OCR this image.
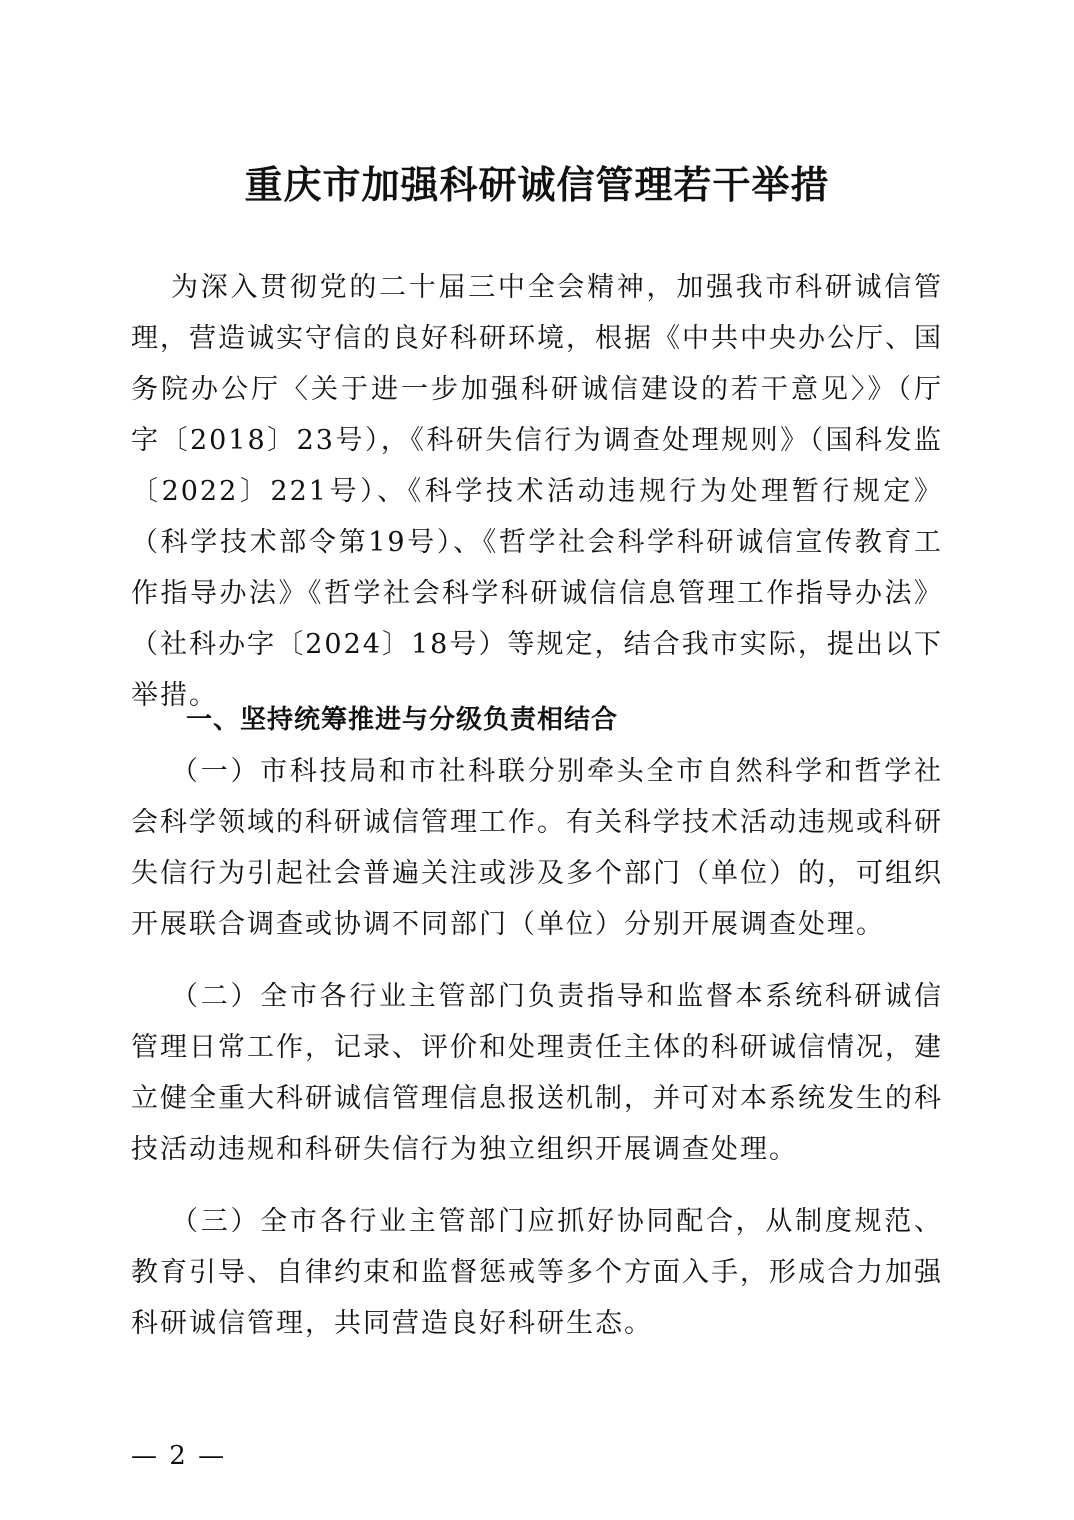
重庆市加强科研诚信管理若干举措

为深入贯彻党的二十届三中全会精神，加强我市科研诚信管理，营造诚实守信的良好科研环境，根据《中共中央办公厅、国务院办公厅〈关于进一步加强科研诚信建设的若干意见〉》（厅字〔2018〕23号），《科研失信行为调查处理规则》（国科发监〔2022〕221号）、《科学技术活动违规行为处理暂行规定》（科学技术部令第19号）、《哲学社会科学科研诚信宣传教育工作指导办法》《哲学社会科学科研诚信信息管理工作指导办法》（社科办字〔2024〕18号）等规定，结合我市实际，提出以下举措。

一、坚持统筹推进与分级负责相结合

（一）市科技局和市社科联分别牵头全市自然科学和哲学社会科学领域的科研诚信管理工作。有关科学技术活动违规或科研失信行为引起社会普遍关注或涉及多个部门（单位）的，可组织开展联合调查或协调不同部门（单位）分别开展调查处理。

（二）全市各行业主管部门负责指导和监督本系统科研诚信管理日常工作，记录、评价和处理责任主体的科研诚信情况，建立健全重大科研诚信管理信息报送机制，并可对本系统发生的科技活动违规和科研失信行为独立组织开展调查处理。

（三）全市各行业主管部门应抓好协同配合，从制度规范、教育引导、自律约束和监督惩戒等多个方面入手，形成合力加强科研诚信管理，共同营造良好科研生态。

— 2 —
